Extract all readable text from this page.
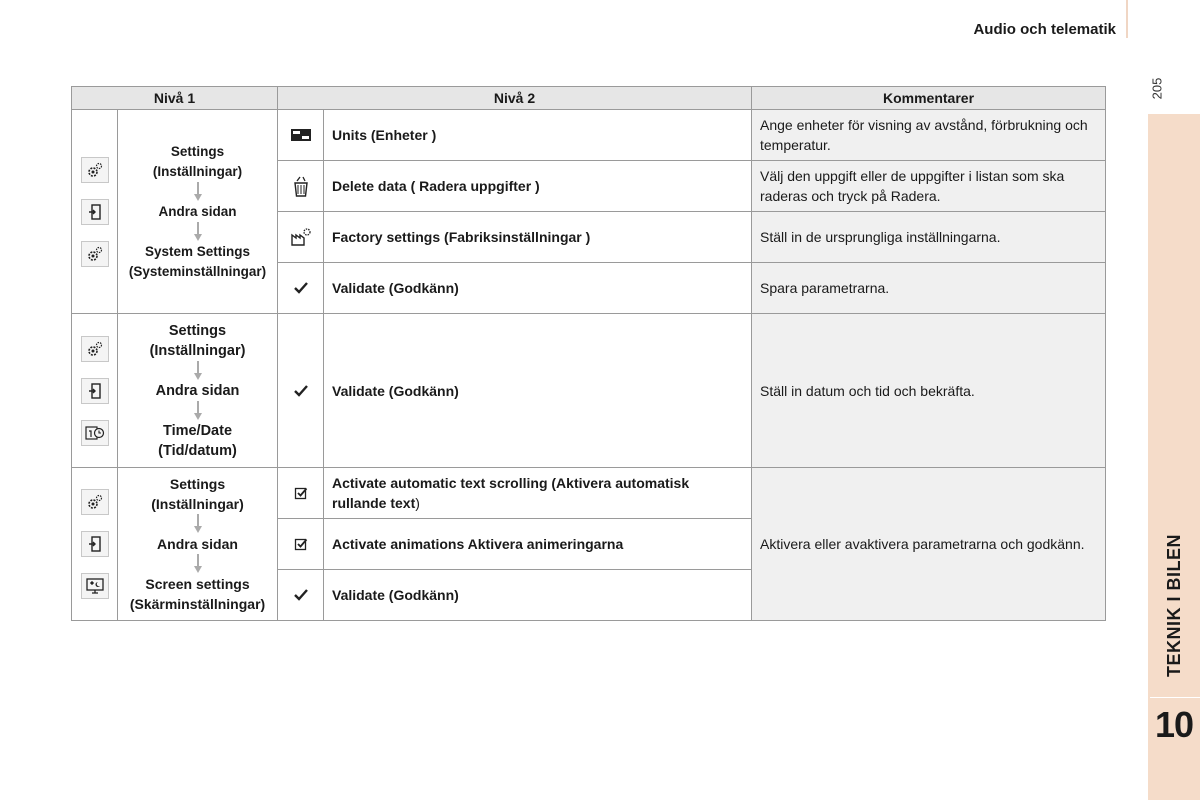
Audio och telematik
205
TEKNIK I BILEN
10
Nivå 1		Nivå 2		Kommentarer

Settings
(Inställningar)
Andra sidan
System Settings
(Systeminställningar)		Units (Enheter )	Ange enheter för visning av avstånd, förbrukning och temperatur.

	Delete data ( Radera uppgifter )	Välj den uppgift eller de uppgifter i listan som ska raderas och tryck på Radera.

	Factory settings (Fabriksinställningar )	Ställ in de ursprungliga inställningarna.

	Validate (Godkänn)	Spara parametrarna.

Settings
(Inställningar)
Andra sidan
Time/Date
(Tid/datum)		Validate (Godkänn)	Ställ in datum och tid och bekräfta.

Settings
(Inställningar)
Andra sidan
Screen settings
(Skärminställningar)		Activate automatic text scrolling (Aktivera automatisk rullande text)	Aktivera eller avaktivera parametrarna och godkänn.

	Activate animations Aktivera animeringarna	

	Validate (Godkänn)	
